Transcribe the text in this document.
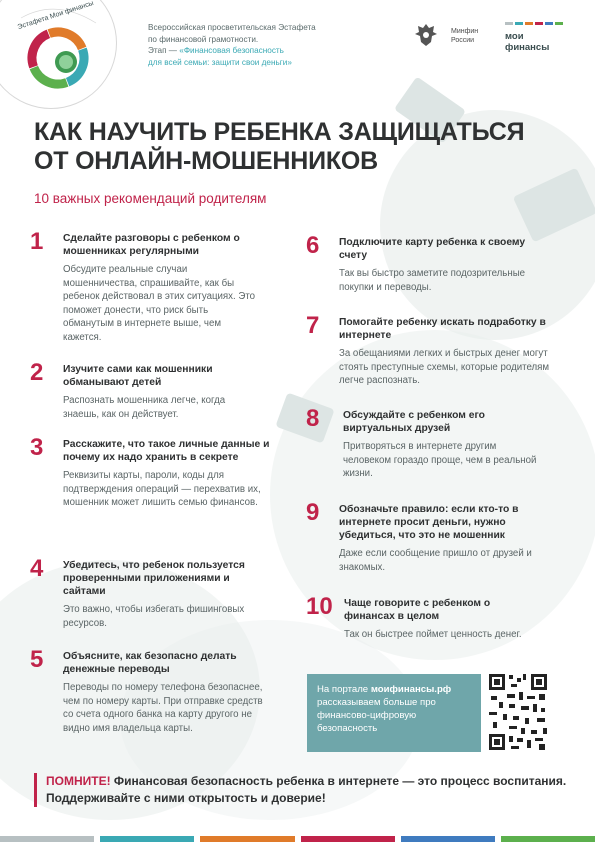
Эстафета Мои финансы	Всероссийская просветительская Эстафета
по финансовой грамотности.
Этап — «Финансовая безопасность
для всей семьи: защити свои деньги»
Минфин
России	мои финансы
КАК НАУЧИТЬ РЕБЕНКА ЗАЩИЩАТЬСЯ
ОТ ОНЛАЙН-МОШЕННИКОВ
10 важных рекомендаций родителям
1 Сделайте разговоры с ребенком о мошенниках регулярными
Обсудите реальные случаи мошенничества, спрашивайте, как бы ребенок действовал в этих ситуациях. Это поможет донести, что риск быть обманутым в интернете выше, чем кажется.
2 Изучите сами как мошенники обманывают детей
Распознать мошенника легче, когда знаешь, как он действует.
3 Расскажите, что такое личные данные и почему их надо хранить в секрете
Реквизиты карты, пароли, коды для подтверждения операций — перехватив их, мошенник может лишить семью финансов.
4 Убедитесь, что ребенок пользуется проверенными приложениями и сайтами
Это важно, чтобы избегать фишинговых ресурсов.
5 Объясните, как безопасно делать денежные переводы
Переводы по номеру телефона безопаснее, чем по номеру карты. При отправке средств со счета одного банка на карту другого не видно имя владельца карты.
6 Подключите карту ребенка к своему счету
Так вы быстро заметите подозрительные покупки и переводы.
7 Помогайте ребенку искать подработку в интернете
За обещаниями легких и быстрых денег могут стоять преступные схемы, которые родителям легче распознать.
8 Обсуждайте с ребенком его виртуальных друзей
Притворяться в интернете другим человеком гораздо проще, чем в реальной жизни.
9 Обозначьте правило: если кто-то в интернете просит деньги, нужно убедиться, что это не мошенник
Даже если сообщение пришло от друзей и знакомых.
10 Чаще говорите с ребенком о финансах в целом
Так он быстрее поймет ценность денег.
На портале моифинансы.рф рассказываем больше про финансово-цифровую безопасность
ПОМНИТЕ! Финансовая безопасность ребенка в интернете — это процесс воспитания. Поддерживайте с ними открытость и доверие!
